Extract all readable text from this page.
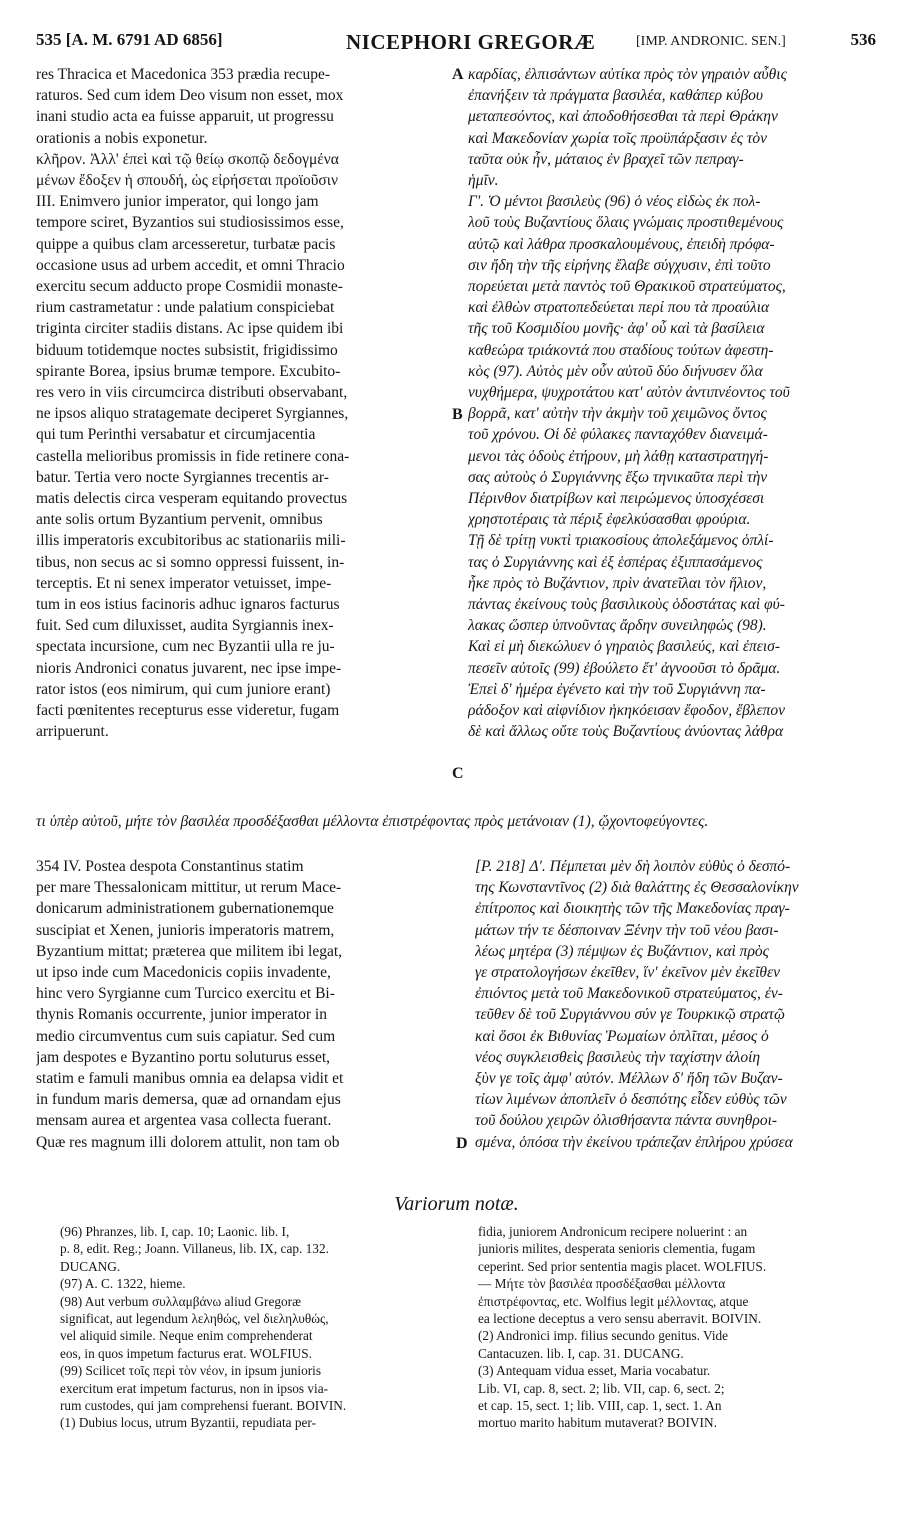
535 [A. M. 6791 AD 6856]	NICEPHORI GREGORÆ	[IMP. ANDRONIC. SEN.]	536
res Thracica et Macedonica 353 prædia recupe-
raturos. Sed cum idem Deo visum non esset, mox
inani studio acta ea fuisse apparuit, ut progressu
orationis a nobis exponetur.
κλῆρον. Ἀλλ' ἐπεὶ καὶ τῷ θείῳ σκοπῷ δεδογμένα
μένων ἔδοξεν ἡ σπουδή, ὡς εἰρήσεται προϊοῦσιν
III. Enimvero junior imperator, qui longo jam
tempore sciret, Byzantios sui studiosissimos esse,
quippe a quibus clam arcesseretur, turbatæ pacis
occasione usus ad urbem accedit, et omni Thracio
exercitu secum adducto prope Cosmidii monaste-
rium castrametatur : unde palatium conspiciebat
triginta circiter stadiis distans. Ac ipse quidem ibi
biduum totidemque noctes subsistit, frigidissimo
spirante Borea, ipsius brumæ tempore. Excubito-
res vero in viis circumcirca distributi observabant,
ne ipsos aliquo stratagemate deciperet Syrgiannes,
qui tum Perinthi versabatur et circumjacentia
castella melioribus promissis in fide retinere cona-
batur. Tertia vero nocte Syrgiannes trecentis ar-
matis delectis circa vesperam equitando provectus
ante solis ortum Byzantium pervenit, omnibus
illis imperatoris excubitoribus ac stationariis mili-
tibus, non secus ac si somno oppressi fuissent, in-
terceptis. Et ni senex imperator vetuisset, impe-
tum in eos istius facinoris adhuc ignaros facturus
fuit. Sed cum diluxisset, audita Syrgiannis inex-
spectata incursione, cum nec Byzantii ulla re ju-
nioris Andronici conatus juvarent, nec ipse impe-
rator istos (eos nimirum, qui cum juniore erant)
facti pœnitentes recepturus esse videretur, fugam
arripuerunt.
καρδίας, ἐλπισάντων αὐτίκα πρὸς τὸν γηραιὸν αὖθις
ἐπανήξειν τὰ πράγματα βασιλέα, καθάπερ κύβου
μεταπεσόντος, καὶ ἀποδοθήσεσθαι τὰ περὶ Θράκην
καὶ Μακεδονίαν χωρία τοῖς προϋπάρξασιν ἐς τὸν
ταῦτα οὐκ ἦν, μάταιος ἐν βραχεῖ τῶν πεπραγ-
ἡμῖν.
Γ'. Ὁ μέντοι βασιλεὺς (96) ὁ νέος εἰδὼς ἐκ πολ-
λοῦ τοὺς Βυζαντίους ὅλαις γνώμαις προστιθεμένους
αὐτῷ καὶ λάθρα προσκαλουμένους, ἐπειδὴ πρόφα-
σιν ἤδη τὴν τῆς εἰρήνης ἔλαβε σύγχυσιν, ἐπὶ τοῦτο
πορεύεται μετὰ παντὸς τοῦ Θρακικοῦ στρατεύματος,
καὶ ἐλθὼν στρατοπεδεύεται περί που τὰ προαύλια
τῆς τοῦ Κοσμιδίου μονῆς· ἀφ' οὗ καὶ τὰ βασίλεια
καθεώρα τριάκοντά που σταδίους τούτων ἀφεστη-
κὸς (97). Αὐτὸς μὲν οὖν αὐτοῦ δύο διήνυσεν ὅλα
νυχθήμερα, ψυχροτάτου κατ' αὐτὸν ἀντιπνέοντος τοῦ
βορρᾶ, κατ' αὐτὴν τὴν ἀκμὴν τοῦ χειμῶνος ὄντος
τοῦ χρόνου. Οἱ δὲ φύλακες πανταχόθεν διανειμά-
μενοι τὰς ὁδοὺς ἐτήρουν, μὴ λάθῃ καταστρατηγή-
σας αὐτοὺς ὁ Συργιάννης ἔξω τηνικαῦτα περὶ τὴν
Πέρινθον διατρίβων καὶ πειρώμενος ὑποσχέσεσι
χρηστοτέραις τὰ πέριξ ἐφελκύσασθαι φρούρια.
Τῇ δὲ τρίτῃ νυκτὶ τριακοσίους ἀπολεξάμενος ὁπλί-
τας ὁ Συργιάννης καὶ ἐξ ἑσπέρας ἐξιππασάμενος
ἧκε πρὸς τὸ Βυζάντιον, πρὶν ἀνατεῖλαι τὸν ἥλιον,
πάντας ἐκείνους τοὺς βασιλικοὺς ὁδοστάτας καὶ φύ-
λακας ὥσπερ ὑπνοῦντας ἄρδην συνειληφώς (98).
Καὶ εἰ μὴ διεκώλυεν ὁ γηραιὸς βασιλεύς, καὶ ἐπεισ-
πεσεῖν αὐτοῖς (99) ἐβούλετο ἔτ' ἀγνοοῦσι τὸ δρᾶμα.
Ἐπεὶ δ' ἡμέρα ἐγένετο καὶ τὴν τοῦ Συργιάννη πα-
ράδοξον καὶ αἰφνίδιον ἠκηκόεισαν ἔφοδον, ἔβλεπον
δὲ καὶ ἄλλως οὔτε τοὺς Βυζαντίους ἀνύοντας λάθρα
A
B
C
D
τι ὑπὲρ αὐτοῦ, μήτε τὸν βασιλέα προσδέξασθαι μέλλοντα ἐπιστρέφοντας πρὸς μετάνοιαν (1), ᾤχοντοφεύγοντες.
354 IV. Postea despota Constantinus statim
per mare Thessalonicam mittitur, ut rerum Mace-
donicarum administrationem gubernationemque
suscipiat et Xenen, junioris imperatoris matrem,
Byzantium mittat; præterea que militem ibi legat,
ut ipso inde cum Macedonicis copiis invadente,
hinc vero Syrgianne cum Turcico exercitu et Bi-
thynis Romanis occurrente, junior imperator in
medio circumventus cum suis capiatur. Sed cum
jam despotes e Byzantino portu soluturus esset,
statim e famuli manibus omnia ea delapsa vidit et
in fundum maris demersa, quæ ad ornandam ejus
mensam aurea et argentea vasa collecta fuerant.
Quæ res magnum illi dolorem attulit, non tam ob
[P. 218] Δ'. Πέμπεται μὲν δὴ λοιπὸν εὐθὺς ὁ δεσπό-
της Κωνσταντῖνος (2) διὰ θαλάττης ἐς Θεσσαλονίκην
ἐπίτροπος καὶ διοικητὴς τῶν τῆς Μακεδονίας πραγ-
μάτων τήν τε δέσποιναν Ξένην τὴν τοῦ νέου βασι-
λέως μητέρα (3) πέμψων ἐς Βυζάντιον, καὶ πρὸς
γε στρατολογήσων ἐκεῖθεν, ἵν' ἐκεῖνον μὲν ἐκεῖθεν
ἐπιόντος μετὰ τοῦ Μακεδονικοῦ στρατεύματος, ἐν-
τεῦθεν δὲ τοῦ Συργιάννου σύν γε Τουρκικῷ στρατῷ
καὶ ὅσοι ἐκ Βιθυνίας Ῥωμαίων ὁπλῖται, μέσος ὁ
νέος συγκλεισθεὶς βασιλεὺς τὴν ταχίστην ἁλοίη
ξὺν γε τοῖς ἀμφ' αὐτόν. Μέλλων δ' ἤδη τῶν Βυζαν-
τίων λιμένων ἀποπλεῖν ὁ δεσπότης εἶδεν εὐθὺς τῶν
τοῦ δούλου χειρῶν ὀλισθήσαντα πάντα συνηθροι-
σμένα, ὁπόσα τὴν ἐκείνου τράπεζαν ἐπλήρου χρύσεα
Variorum notæ.
(96) Phranzes, lib. I, cap. 10; Laonic. lib. I,
p. 8, edit. Reg.; Joann. Villaneus, lib. IX, cap. 132.
DUCANG.
(97) A. C. 1322, hieme.
(98) Aut verbum συλλαμβάνω aliud Gregoræ
significat, aut legendum λεληθώς, vel διεληλυθώς,
vel aliquid simile. Neque enim comprehenderat
eos, in quos impetum facturus erat. WOLFIUS.
(99) Scilicet τοῖς περὶ τὸν νέον, in ipsum junioris
exercitum erat impetum facturus, non in ipsos via-
rum custodes, qui jam comprehensi fuerant. BOIVIN.
(1) Dubius locus, utrum Byzantii, repudiata per-
fidia, juniorem Andronicum recipere noluerint : an
junioris milites, desperata senioris clementia, fugam
ceperint. Sed prior sententia magis placet. WOLFIUS.
— Μήτε τὸν βασιλέα προσδέξασθαι μέλλοντα
ἐπιστρέφοντας, etc. Wolfius legit μέλλοντας, atque
ea lectione deceptus a vero sensu aberravit. BOIVIN.
(2) Andronici imp. filius secundo genitus. Vide
Cantacuzen. lib. I, cap. 31. DUCANG.
(3) Antequam vidua esset, Maria vocabatur.
Lib. VI, cap. 8, sect. 2; lib. VII, cap. 6, sect. 2;
et cap. 15, sect. 1; lib. VIII, cap. 1, sect. 1. An
mortuo marito habitum mutaverat? BOIVIN.
